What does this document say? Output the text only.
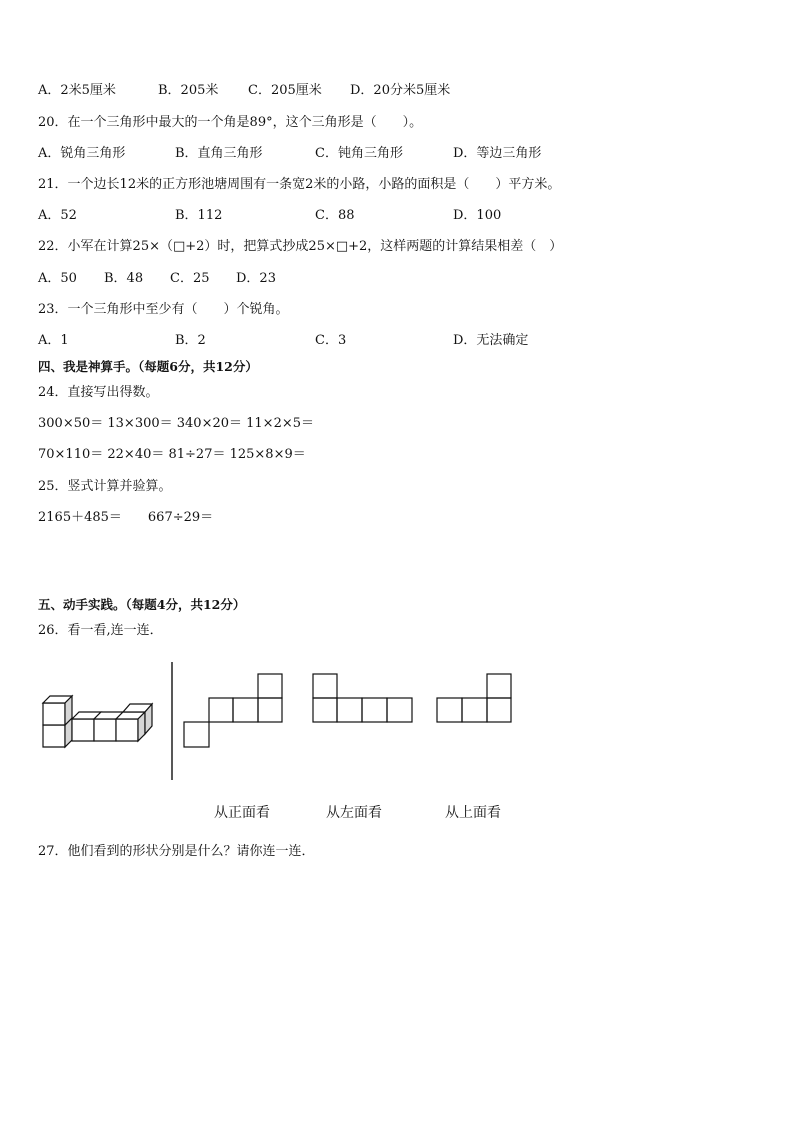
A．2米5厘米	B．205米 C．205厘米 D．20分米5厘米
20．在一个三角形中最大的一个角是89°，这个三角形是（　　）。
A．锐角三角形	B．直角三角形	C．钝角三角形	D．等边三角形
21．一个边长12米的正方形池塘周围有一条宽2米的小路，小路的面积是（　　）平方米。
A．52	B．112	C．88	D．100
22．小军在计算25×（□+2）时，把算式抄成25×□+2，这样两题的计算结果相差（　）
A．50 B．48 C．25 D．23
23．一个三角形中至少有（　　）个锐角。
A．1	B．2	C．3	D．无法确定
四、我是神算手。（每题6分，共12分）
24．直接写出得数。
300×50＝ 13×300＝ 340×20＝ 11×2×5＝
70×110＝ 22×40＝ 81÷27＝ 125×8×9＝
25．竖式计算并验算。
2165＋485＝　　667÷29＝
五、动手实践。（每题4分，共12分）
26．看一看,连一连．
从正面看	从左面看	从上面看
27．他们看到的形状分别是什么？请你连一连．
